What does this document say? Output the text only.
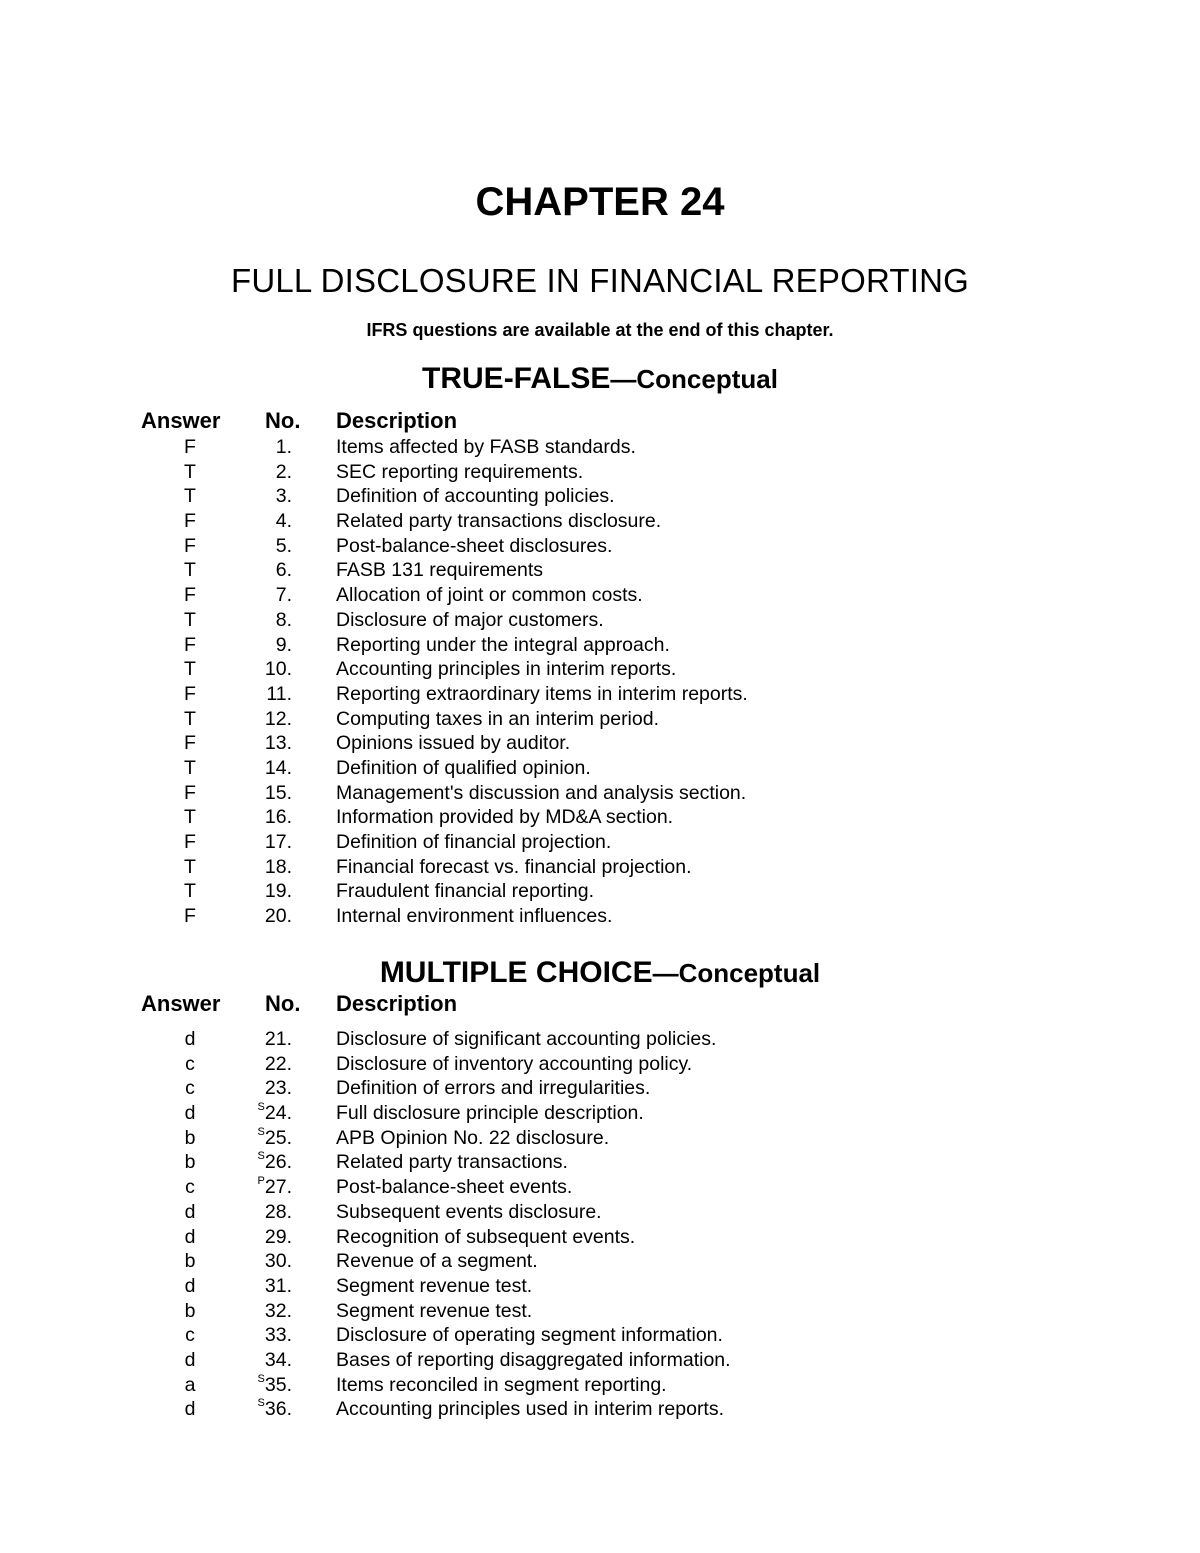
CHAPTER 24
FULL DISCLOSURE IN FINANCIAL REPORTING
IFRS questions are available at the end of this chapter.
TRUE-FALSE—Conceptual
Answer No. Description
F	1. Items affected by FASB standards.
T	2. SEC reporting requirements.
T	3. Definition of accounting policies.
F	4. Related party transactions disclosure.
F	5. Post-balance-sheet disclosures.
T	6. FASB 131 requirements
F	7. Allocation of joint or common costs.
T	8. Disclosure of major customers.
F	9. Reporting under the integral approach.
T	10. Accounting principles in interim reports.
F	11. Reporting extraordinary items in interim reports.
T	12. Computing taxes in an interim period.
F	13. Opinions issued by auditor.
T	14. Definition of qualified opinion.
F	15. Management's discussion and analysis section.
T	16. Information provided by MD&A section.
F	17. Definition of financial projection.
T	18. Financial forecast vs. financial projection.
T	19. Fraudulent financial reporting.
F	20. Internal environment influences.
MULTIPLE CHOICE—Conceptual
Answer No. Description
d	21. Disclosure of significant accounting policies.
c	22. Disclosure of inventory accounting policy.
c	23. Definition of errors and irregularities.
d	$^S$24. Full disclosure principle description.
b	$^S$25. APB Opinion No. 22 disclosure.
b	$^S$26. Related party transactions.
c	$^P$27. Post-balance-sheet events.
d	28. Subsequent events disclosure.
d	29. Recognition of subsequent events.
b	30. Revenue of a segment.
d	31. Segment revenue test.
b	32. Segment revenue test.
c	33. Disclosure of operating segment information.
d	34. Bases of reporting disaggregated information.
a	$^S$35. Items reconciled in segment reporting.
d	$^S$36. Accounting principles used in interim reports.
